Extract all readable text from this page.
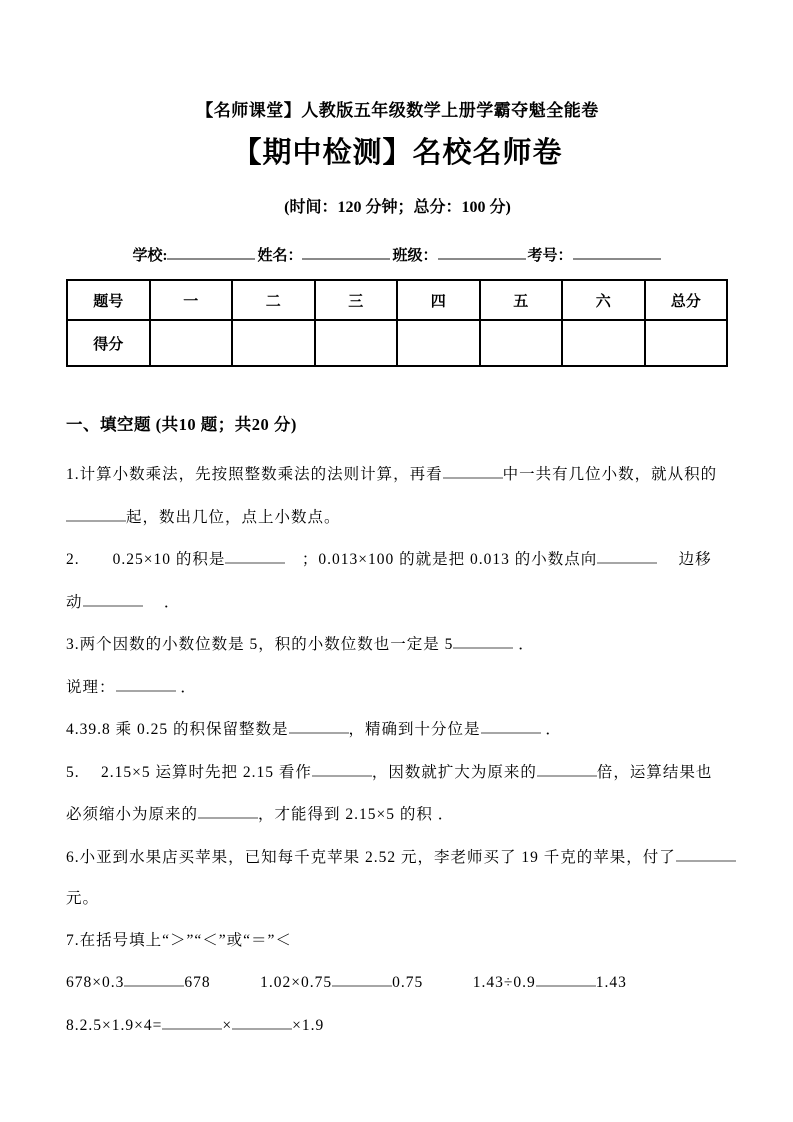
【名师课堂】人教版五年级数学上册学霸夺魁全能卷
【期中检测】名校名师卷
(时间：120 分钟；总分：100 分)
学校:	姓名：	班级：	考号：
题号	一	二	三	四	五	六	总分
得分							
一、填空题 (共10 题；共20 分)
1.计算小数乘法，先按照整数乘法的法则计算，再看	中一共有几位小数，就从积的
起，数出几位，点上小数点。
2.　　0.25×10 的积是	　；0.013×100 的就是把 0.013 的小数点向	　 边移
动	　 ．
3.两个因数的小数位数是 5，积的小数位数也一定是 5	．
说理：	．
4.39.8 乘 0.25 的积保留整数是	，精确到十分位是	．
5.　 2.15×5 运算时先把 2.15 看作	，因数就扩大为原来的	倍，运算结果也
必须缩小为原来的	，才能得到 2.15×5 的积 ．
6.小亚到水果店买苹果，已知每千克苹果 2.52 元，李老师买了 19 千克的苹果，付了
元。
7.在括号填上“＞”“＜”或“＝”＜
678×0.3	678　　　1.02×0.75	0.75　　　1.43÷0.9	1.43
8.2.5×1.9×4=	×	×1.9
